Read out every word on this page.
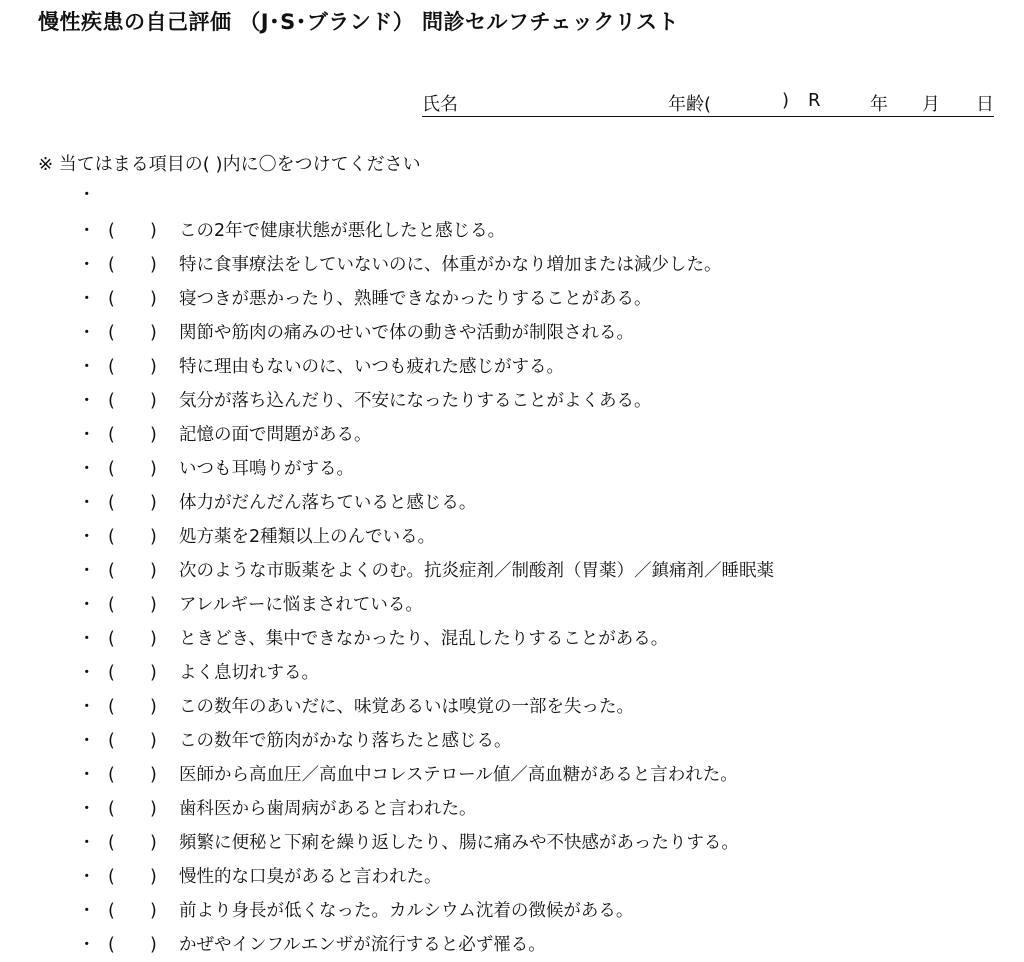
慢性疾患の自己評価 （J･S･ブランド） 問診セルフチェックリスト
氏名	年齢(	) R	年 月 日
※ 当てはまる項目の( )内に〇をつけてください
・
・ ( ) この2年で健康状態が悪化したと感じる。
・ ( ) 特に食事療法をしていないのに、体重がかなり増加または減少した。
・ ( ) 寝つきが悪かったり、熟睡できなかったりすることがある。
・ ( ) 関節や筋肉の痛みのせいで体の動きや活動が制限される。
・ ( ) 特に理由もないのに、いつも疲れた感じがする。
・ ( ) 気分が落ち込んだり、不安になったりすることがよくある。
・ ( ) 記憶の面で問題がある。
・ ( ) いつも耳鳴りがする。
・ ( ) 体力がだんだん落ちていると感じる。
・ ( ) 処方薬を2種類以上のんでいる。
・ ( ) 次のような市販薬をよくのむ。抗炎症剤／制酸剤（胃薬）／鎮痛剤／睡眠薬
・ ( ) アレルギーに悩まされている。
・ ( ) ときどき、集中できなかったり、混乱したりすることがある。
・ ( ) よく息切れする。
・ ( ) この数年のあいだに、味覚あるいは嗅覚の一部を失った。
・ ( ) この数年で筋肉がかなり落ちたと感じる。
・ ( ) 医師から高血圧／高血中コレステロール値／高血糖があると言われた。
・ ( ) 歯科医から歯周病があると言われた。
・ ( ) 頻繁に便秘と下痢を繰り返したり、腸に痛みや不快感があったりする。
・ ( ) 慢性的な口臭があると言われた。
・ ( ) 前より身長が低くなった。カルシウム沈着の徴候がある。
・ ( ) かぜやインフルエンザが流行すると必ず罹る。
